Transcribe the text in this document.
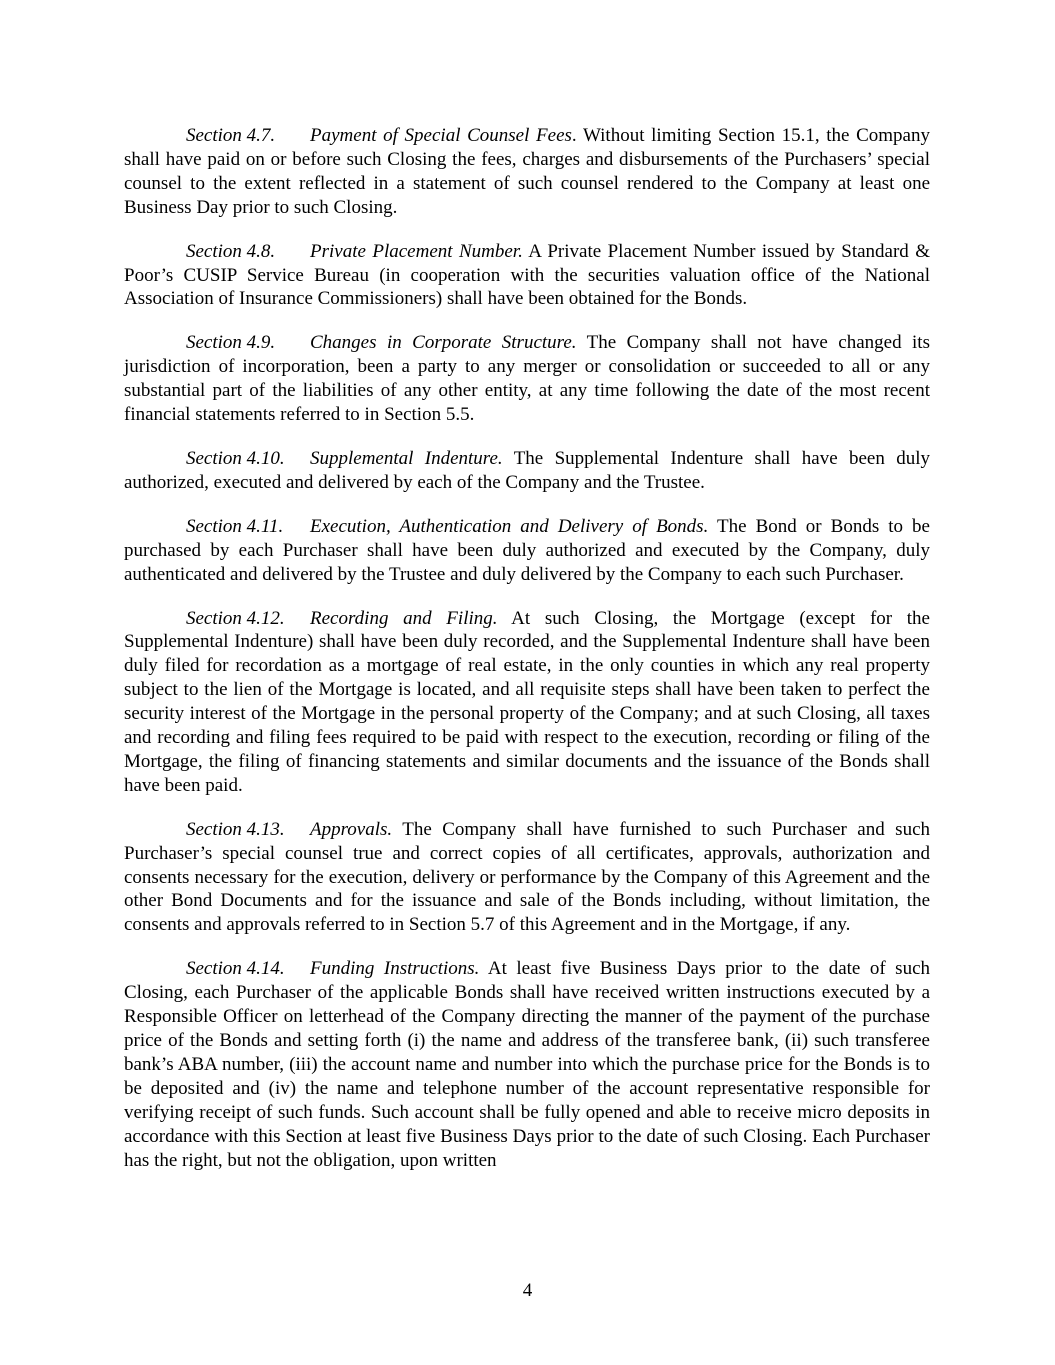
Section 4.7. Payment of Special Counsel Fees. Without limiting Section 15.1, the Company shall have paid on or before such Closing the fees, charges and disbursements of the Purchasers’ special counsel to the extent reflected in a statement of such counsel rendered to the Company at least one Business Day prior to such Closing.

Section 4.8. Private Placement Number. A Private Placement Number issued by Standard & Poor’s CUSIP Service Bureau (in cooperation with the securities valuation office of the National Association of Insurance Commissioners) shall have been obtained for the Bonds.

Section 4.9. Changes in Corporate Structure. The Company shall not have changed its jurisdiction of incorporation, been a party to any merger or consolidation or succeeded to all or any substantial part of the liabilities of any other entity, at any time following the date of the most recent financial statements referred to in Section 5.5.

Section 4.10. Supplemental Indenture. The Supplemental Indenture shall have been duly authorized, executed and delivered by each of the Company and the Trustee.

Section 4.11. Execution, Authentication and Delivery of Bonds. The Bond or Bonds to be purchased by each Purchaser shall have been duly authorized and executed by the Company, duly authenticated and delivered by the Trustee and duly delivered by the Company to each such Purchaser.

Section 4.12. Recording and Filing. At such Closing, the Mortgage (except for the Supplemental Indenture) shall have been duly recorded, and the Supplemental Indenture shall have been duly filed for recordation as a mortgage of real estate, in the only counties in which any real property subject to the lien of the Mortgage is located, and all requisite steps shall have been taken to perfect the security interest of the Mortgage in the personal property of the Company; and at such Closing, all taxes and recording and filing fees required to be paid with respect to the execution, recording or filing of the Mortgage, the filing of financing statements and similar documents and the issuance of the Bonds shall have been paid.

Section 4.13. Approvals. The Company shall have furnished to such Purchaser and such Purchaser’s special counsel true and correct copies of all certificates, approvals, authorization and consents necessary for the execution, delivery or performance by the Company of this Agreement and the other Bond Documents and for the issuance and sale of the Bonds including, without limitation, the consents and approvals referred to in Section 5.7 of this Agreement and in the Mortgage, if any.

Section 4.14. Funding Instructions. At least five Business Days prior to the date of such Closing, each Purchaser of the applicable Bonds shall have received written instructions executed by a Responsible Officer on letterhead of the Company directing the manner of the payment of the purchase price of the Bonds and setting forth (i) the name and address of the transferee bank, (ii) such transferee bank’s ABA number, (iii) the account name and number into which the purchase price for the Bonds is to be deposited and (iv) the name and telephone number of the account representative responsible for verifying receipt of such funds. Such account shall be fully opened and able to receive micro deposits in accordance with this Section at least five Business Days prior to the date of such Closing. Each Purchaser has the right, but not the obligation, upon written

4
